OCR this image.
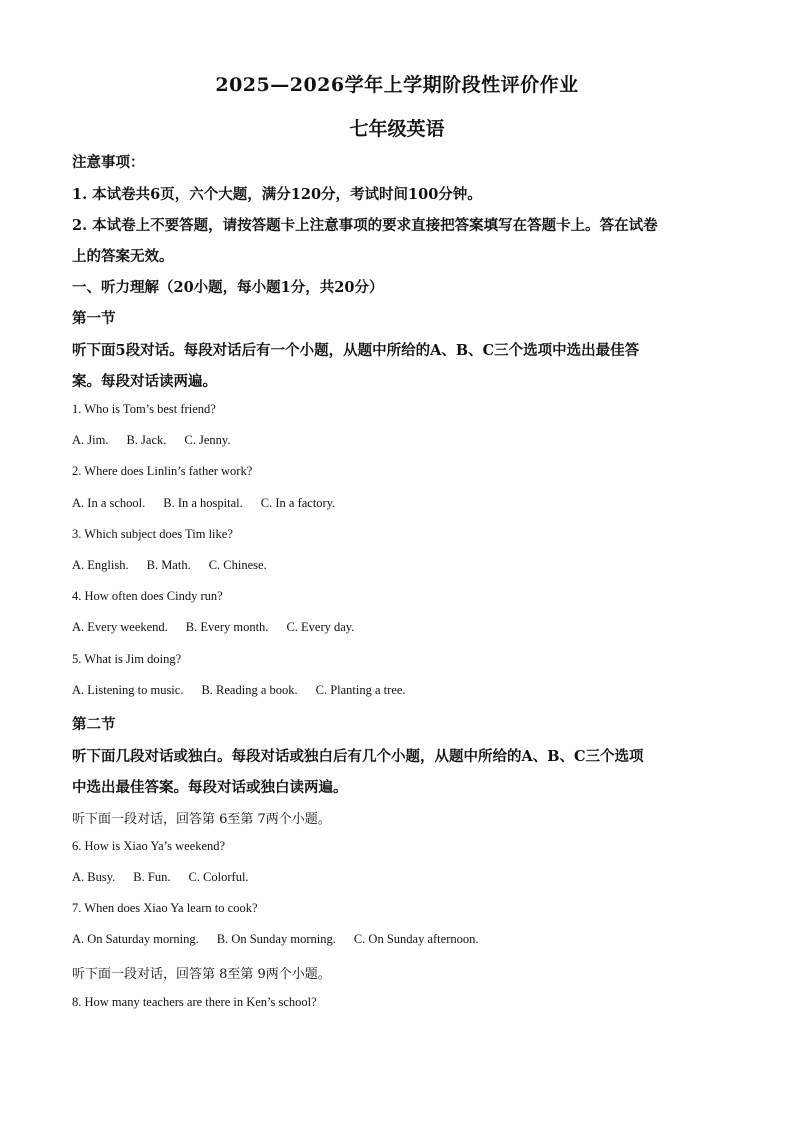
2025—2026学年上学期阶段性评价作业
七年级英语
注意事项：
1. 本试卷共6页，六个大题，满分120分，考试时间100分钟。
2. 本试卷上不要答题，请按答题卡上注意事项的要求直接把答案填写在答题卡上。答在试卷
上的答案无效。
一、听力理解（20小题，每小题1分，共20分）
第一节
听下面5段对话。每段对话后有一个小题，从题中所给的A、B、C三个选项中选出最佳答
案。每段对话读两遍。
1. Who is Tom’s best friend?
A. Jim. B. Jack. C. Jenny.
2. Where does Linlin’s father work?
A. In a school. B. In a hospital. C. In a factory.
3. Which subject does Tim like?
A. English. B. Math. C. Chinese.
4. How often does Cindy run?
A. Every weekend. B. Every month. C. Every day.
5. What is Jim doing?
A. Listening to music. B. Reading a book. C. Planting a tree.
第二节
听下面几段对话或独白。每段对话或独白后有几个小题，从题中所给的A、B、C三个选项
中选出最佳答案。每段对话或独白读两遍。
听下面一段对话，回答第 6至第 7两个小题。
6. How is Xiao Ya’s weekend?
A. Busy. B. Fun. C. Colorful.
7. When does Xiao Ya learn to cook?
A. On Saturday morning. B. On Sunday morning. C. On Sunday afternoon.
听下面一段对话，回答第 8至第 9两个小题。
8. How many teachers are there in Ken’s school?
